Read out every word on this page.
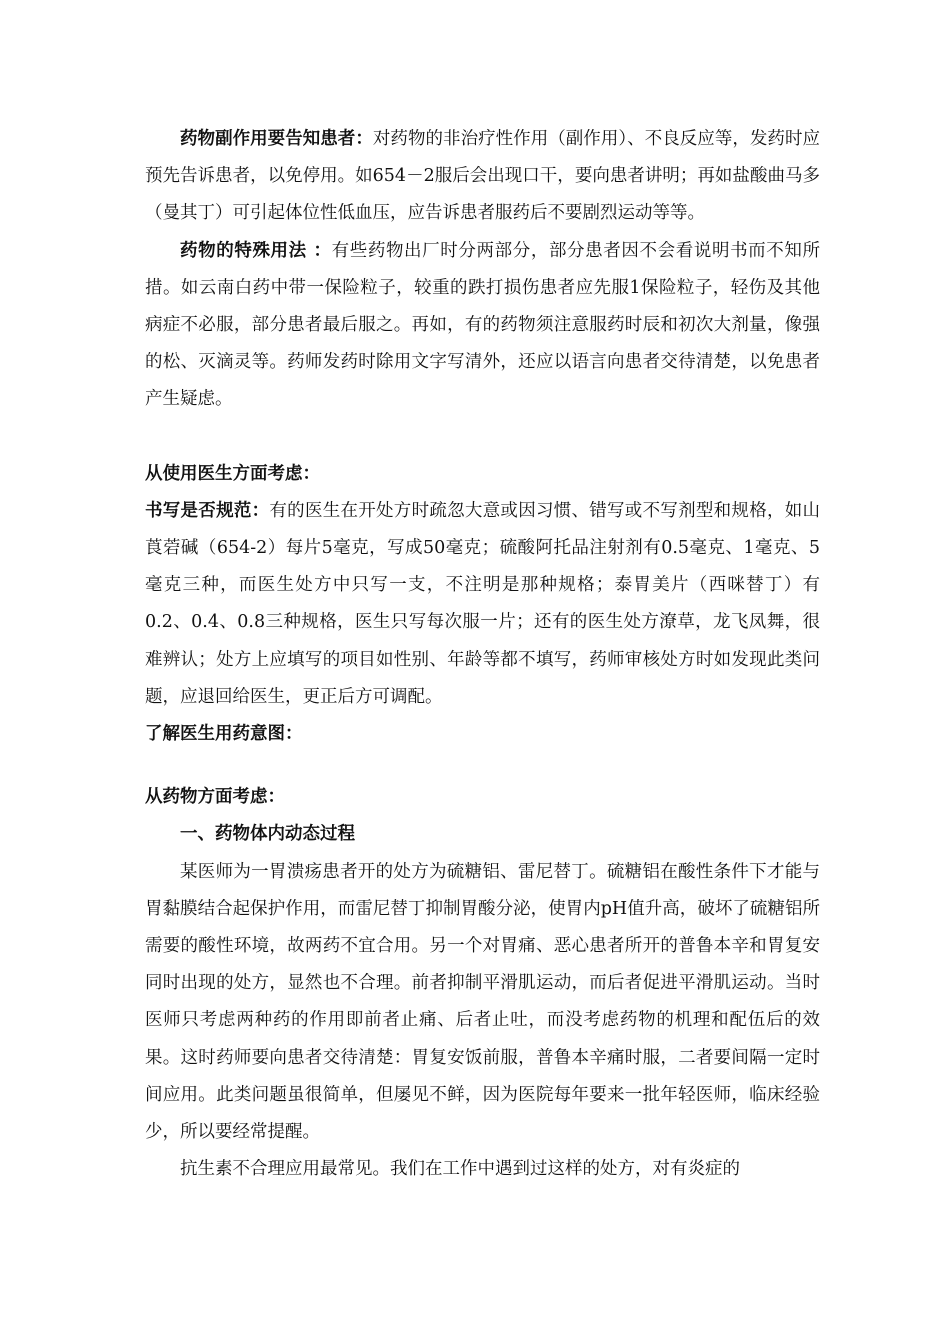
药物副作用要告知患者：对药物的非治疗性作用（副作用）、不良反应等，发药时应预先告诉患者，以免停用。如654－2服后会出现口干，要向患者讲明；再如盐酸曲马多（曼其丁）可引起体位性低血压，应告诉患者服药后不要剧烈运动等等。

药物的特殊用法 ：有些药物出厂时分两部分，部分患者因不会看说明书而不知所措。如云南白药中带一保险粒子，较重的跌打损伤患者应先服1保险粒子，轻伤及其他病症不必服，部分患者最后服之。再如，有的药物须注意服药时辰和初次大剂量，像强的松、灭滴灵等。药师发药时除用文字写清外，还应以语言向患者交待清楚，以免患者产生疑虑。

从使用医生方面考虑：

书写是否规范：有的医生在开处方时疏忽大意或因习惯、错写或不写剂型和规格，如山莨菪碱（654-2）每片5毫克，写成50毫克；硫酸阿托品注射剂有0.5毫克、1毫克、5毫克三种，而医生处方中只写一支，不注明是那种规格；泰胃美片（西咪替丁）有0.2、0.4、0.8三种规格，医生只写每次服一片；还有的医生处方潦草，龙飞凤舞，很难辨认；处方上应填写的项目如性别、年龄等都不填写，药师审核处方时如发现此类问题，应退回给医生，更正后方可调配。

了解医生用药意图：

从药物方面考虑：

一、药物体内动态过程

某医师为一胃溃疡患者开的处方为硫糖铝、雷尼替丁。硫糖铝在酸性条件下才能与胃黏膜结合起保护作用，而雷尼替丁抑制胃酸分泌，使胃内pH值升高，破坏了硫糖铝所需要的酸性环境，故两药不宜合用。另一个对胃痛、恶心患者所开的普鲁本辛和胃复安同时出现的处方，显然也不合理。前者抑制平滑肌运动，而后者促进平滑肌运动。当时医师只考虑两种药的作用即前者止痛、后者止吐，而没考虑药物的机理和配伍后的效果。这时药师要向患者交待清楚：胃复安饭前服，普鲁本辛痛时服，二者要间隔一定时间应用。此类问题虽很简单，但屡见不鲜，因为医院每年要来一批年轻医师，临床经验少，所以要经常提醒。

抗生素不合理应用最常见。我们在工作中遇到过这样的处方，对有炎症的
